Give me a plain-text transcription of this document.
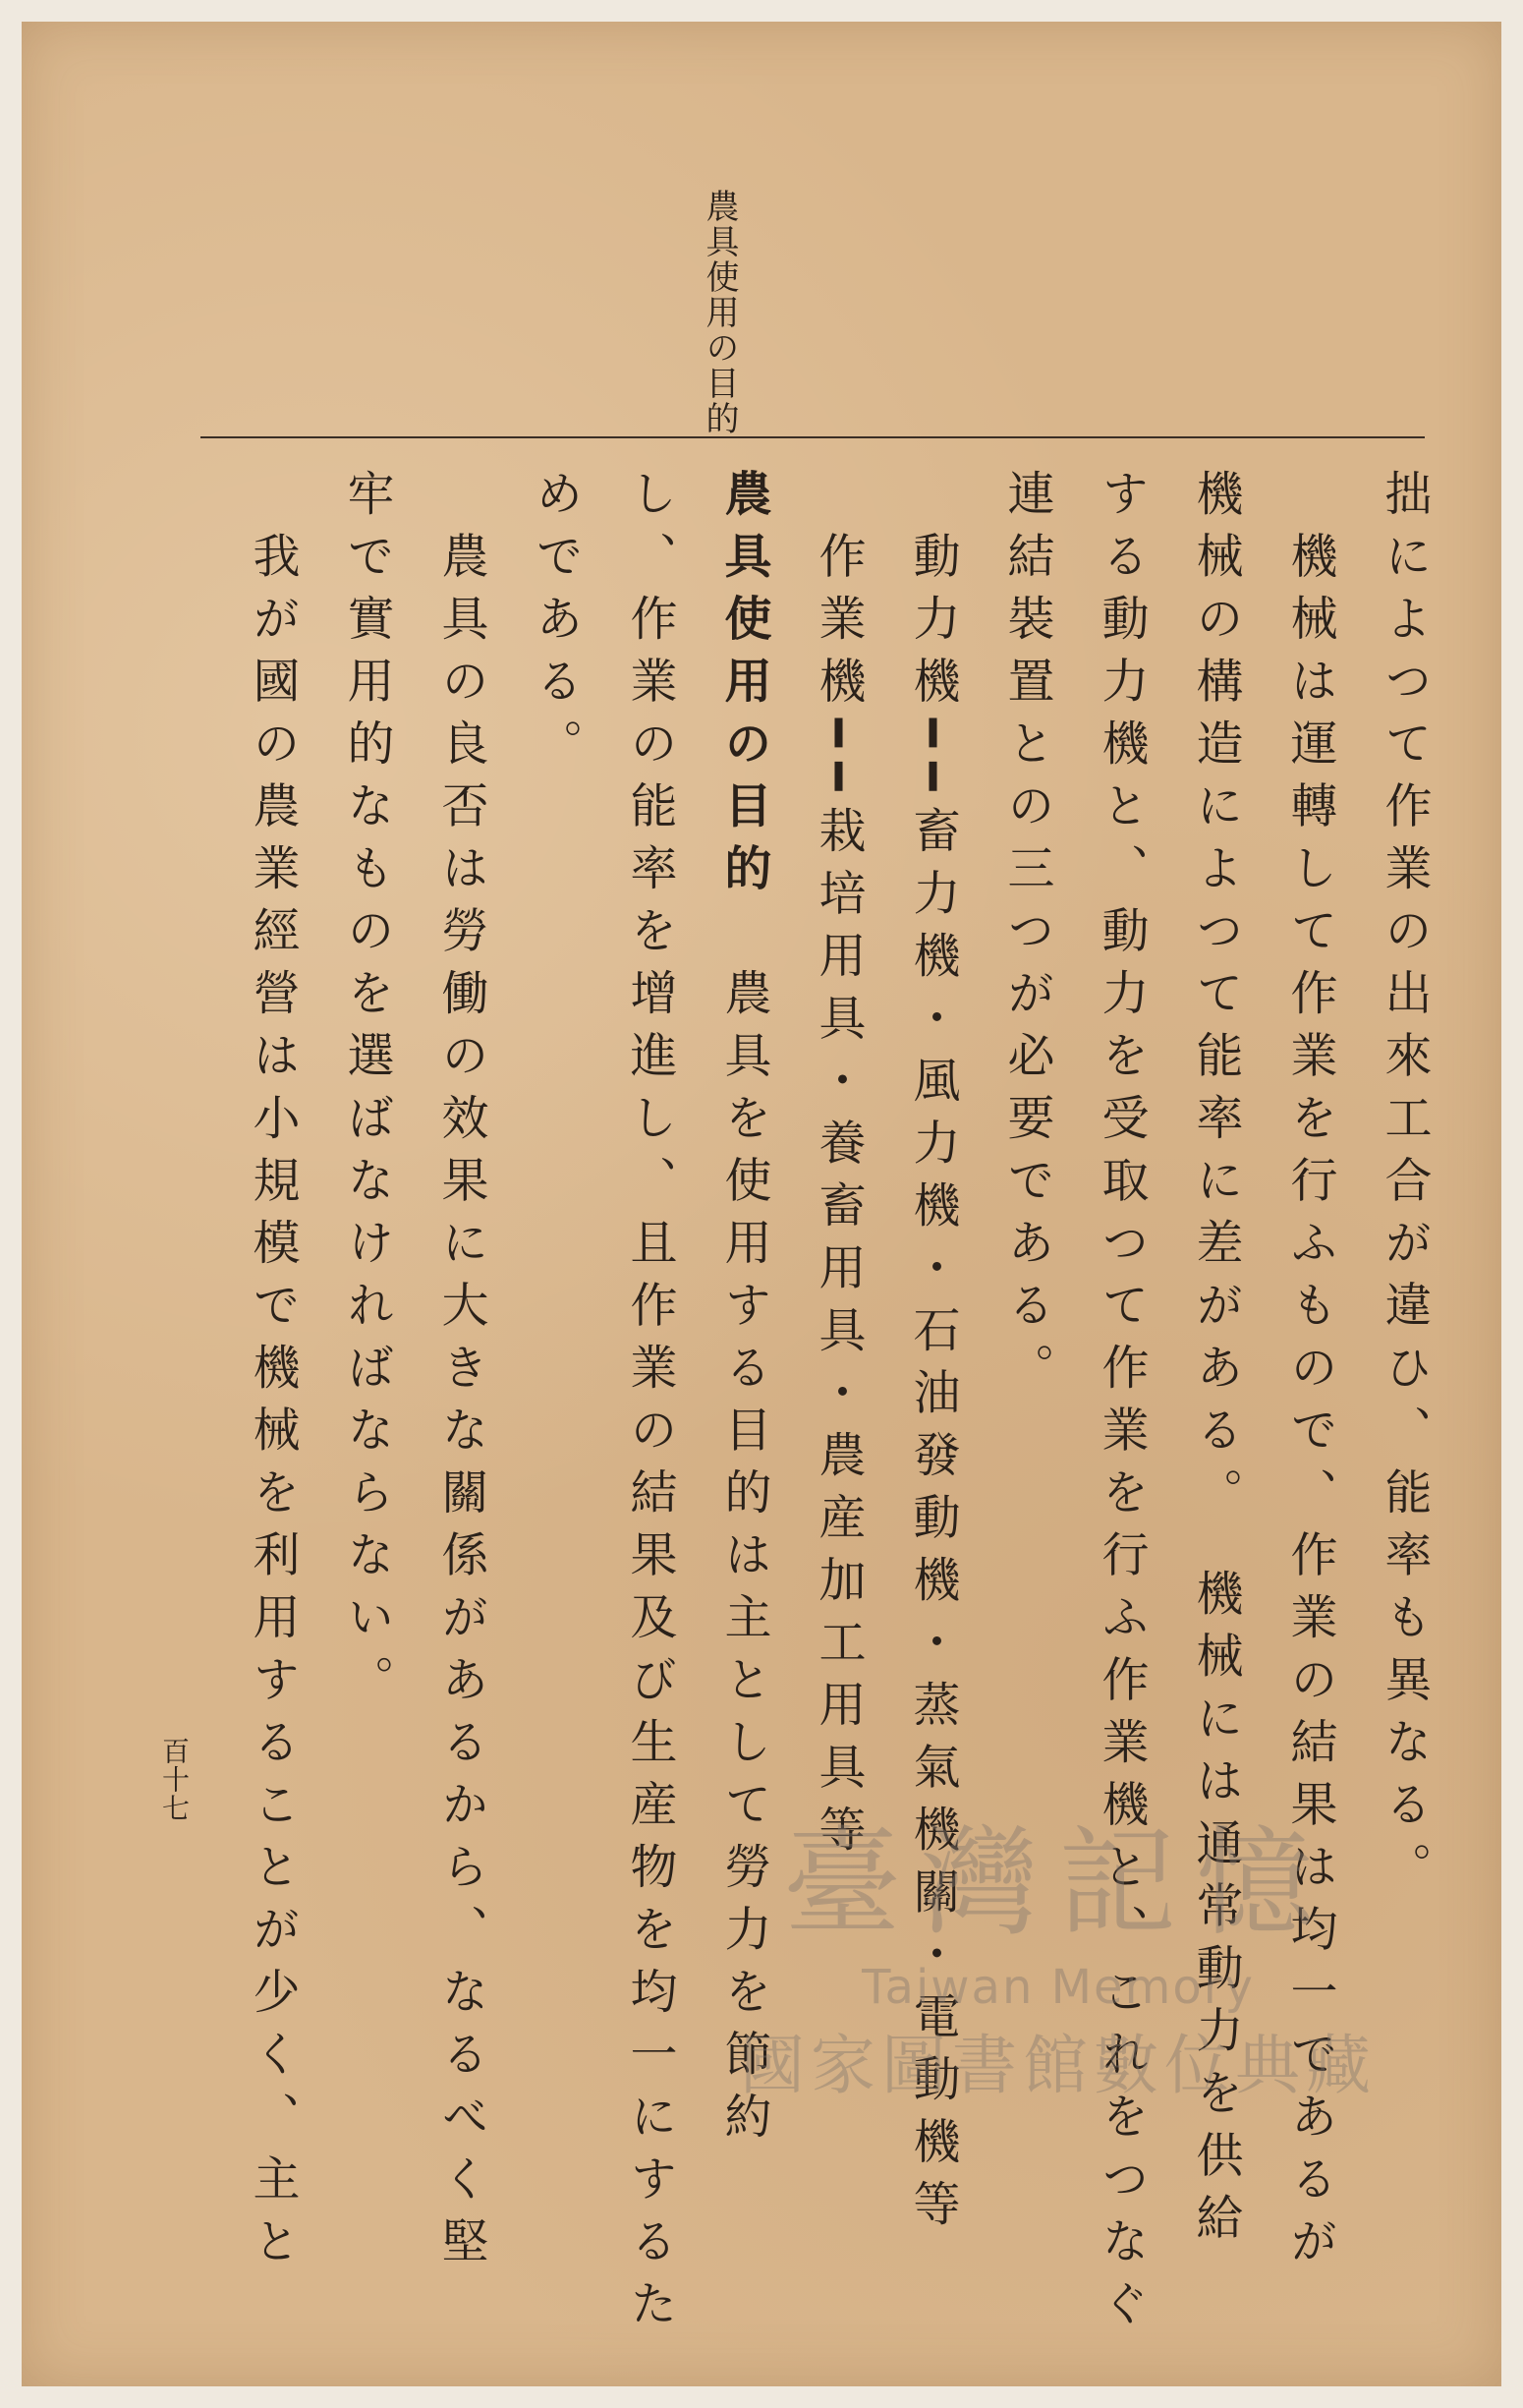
農具使用の目的
拙によつて作業の出來工合が違ひ、能率も異なる。
　機械は運轉して作業を行ふもので、作業の結果は均一であるが
機械の構造によつて能率に差がある。　機械には通常動力を供給
する動力機と、動力を受取つて作業を行ふ作業機と、これをつなぐ
連結裝置との三つが必要である。
　動力機━━畜力機・風力機・石油發動機・蒸氣機關・電動機等
　作業機━━栽培用具・養畜用具・農産加工用具等
農具使用の目的　農具を使用する目的は主として勞力を節約
し、作業の能率を增進し、且作業の結果及び生産物を均一にするた
めである。
　農具の良否は勞働の效果に大きな關係があるから、なるべく堅
牢で實用的なものを選ばなければならない。
　我が國の農業經營は小規模で機械を利用することが少く、主と
百十七
臺灣記憶
Taiwan Memory
國家圖書館數位典藏
